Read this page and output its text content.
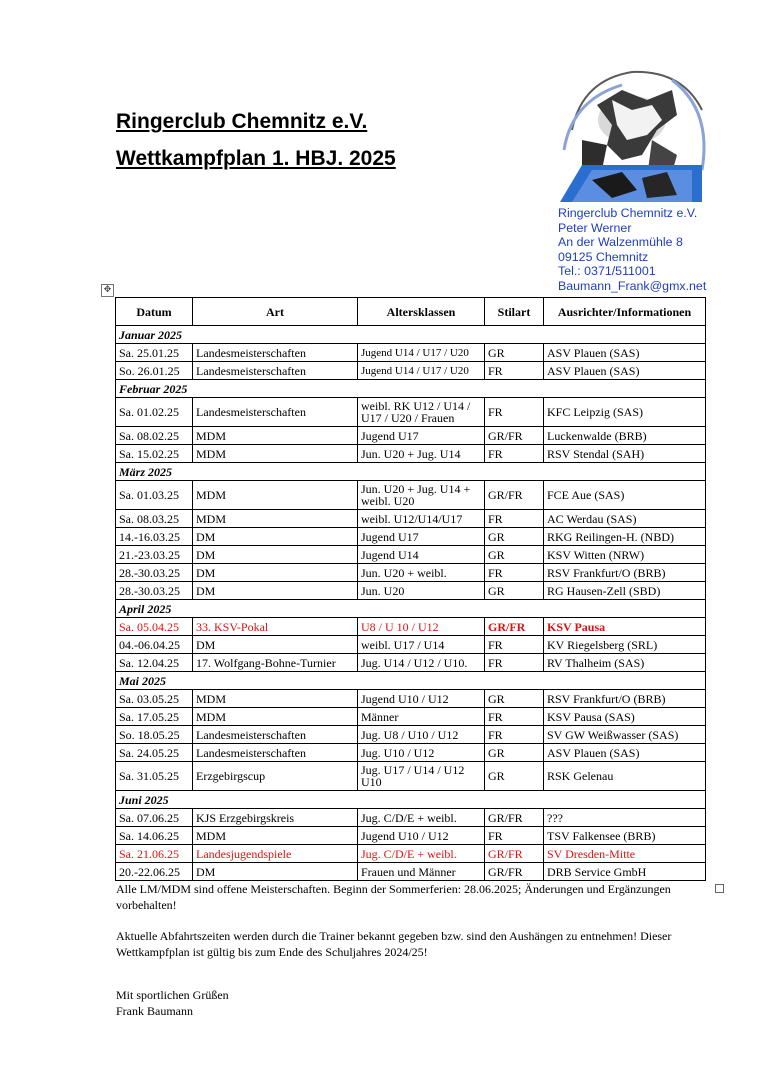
Ringerclub Chemnitz e.V.
Wettkampfplan 1. HBJ. 2025
Ringerclub Chemnitz e.V.
Peter Werner
An der Walzenmühle 8
09125 Chemnitz
Tel.: 0371/511001
Baumann_Frank@gmx.net
✥
Datum	Art	Altersklassen	Stilart	Ausrichter/Informationen
Januar 2025				
Sa. 25.01.25	Landesmeisterschaften	Jugend U14 / U17 / U20	GR	ASV Plauen (SAS)
So. 26.01.25	Landesmeisterschaften	Jugend U14 / U17 / U20	FR	ASV Plauen (SAS)
Februar 2025				
Sa. 01.02.25	Landesmeisterschaften	weibl. RK U12 / U14 / U17 / U20 / Frauen	FR	KFC Leipzig (SAS)
Sa. 08.02.25	MDM	Jugend U17	GR/FR	Luckenwalde (BRB)
Sa. 15.02.25	MDM	Jun. U20 + Jug. U14	FR	RSV Stendal (SAH)
März 2025				
Sa. 01.03.25	MDM	Jun. U20 + Jug. U14 + weibl. U20	GR/FR	FCE Aue (SAS)
Sa. 08.03.25	MDM	weibl. U12/U14/U17	FR	AC Werdau (SAS)
14.-16.03.25	DM	Jugend U17	GR	RKG Reilingen-H. (NBD)
21.-23.03.25	DM	Jugend U14	GR	KSV Witten (NRW)
28.-30.03.25	DM	Jun. U20 + weibl.	FR	RSV Frankfurt/O (BRB)
28.-30.03.25	DM	Jun. U20	GR	RG Hausen-Zell (SBD)
April 2025				
Sa. 05.04.25	33. KSV-Pokal	U8 / U 10 / U12	GR/FR	KSV Pausa
04.-06.04.25	DM	weibl. U17 / U14	FR	KV Riegelsberg (SRL)
Sa. 12.04.25	17. Wolfgang-Bohne-Turnier	Jug. U14 / U12 / U10.	FR	RV Thalheim (SAS)
Mai 2025				
Sa. 03.05.25	MDM	Jugend U10 / U12	GR	RSV Frankfurt/O (BRB)
Sa. 17.05.25	MDM	Männer	FR	KSV Pausa (SAS)
So. 18.05.25	Landesmeisterschaften	Jug. U8 / U10 / U12	FR	SV GW Weißwasser (SAS)
Sa. 24.05.25	Landesmeisterschaften	Jug. U10 / U12	GR	ASV Plauen (SAS)
Sa. 31.05.25	Erzgebirgscup	Jug. U17 / U14 / U12 U10	GR	RSK Gelenau
Juni 2025				
Sa. 07.06.25	KJS Erzgebirgskreis	Jug. C/D/E + weibl.	GR/FR	???
Sa. 14.06.25	MDM	Jugend U10 / U12	FR	TSV Falkensee (BRB)
Sa. 21.06.25	Landesjugendspiele	Jug. C/D/E + weibl.	GR/FR	SV Dresden-Mitte
20.-22.06.25	DM	Frauen und Männer	GR/FR	DRB Service GmbH
Alle LM/MDM sind offene Meisterschaften. Beginn der Sommerferien: 28.06.2025; Änderungen und Ergänzungen vorbehalten!
Aktuelle Abfahrtszeiten werden durch die Trainer bekannt gegeben bzw. sind den Aushängen zu entnehmen! Dieser Wettkampfplan ist gültig bis zum Ende des Schuljahres 2024/25!
Mit sportlichen Grüßen
Frank Baumann
